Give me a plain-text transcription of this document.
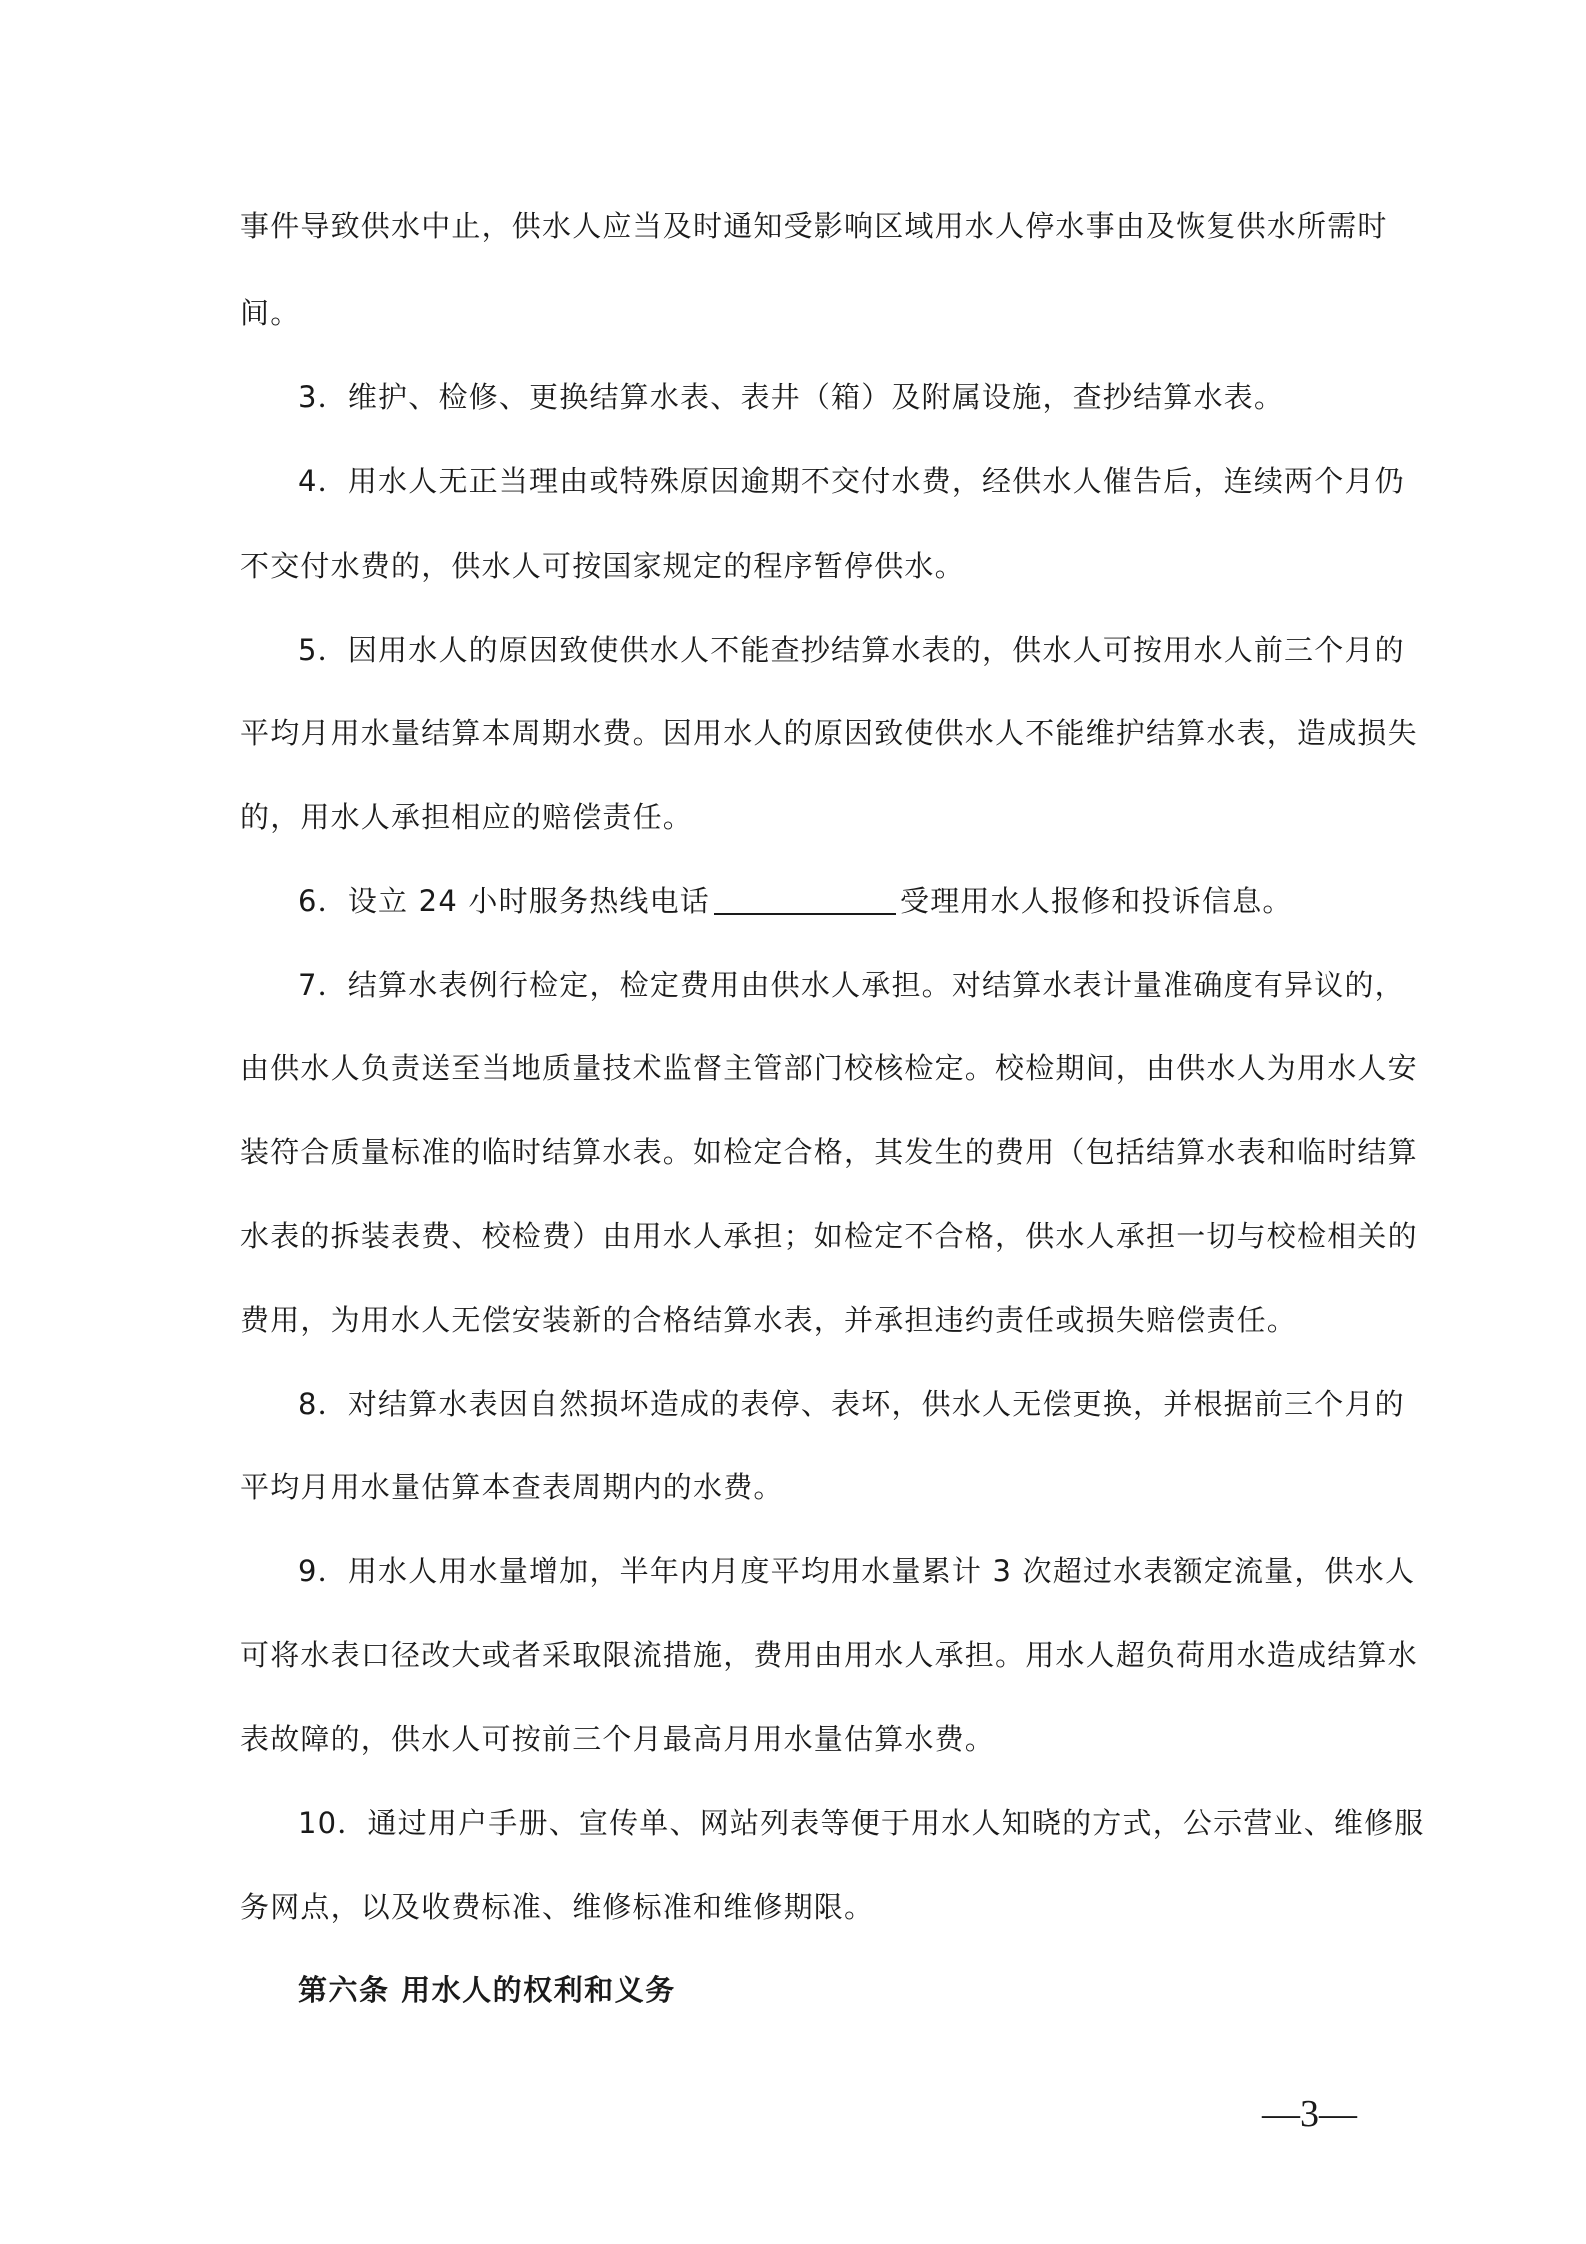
事件导致供水中止，供水人应当及时通知受影响区域用水人停水事由及恢复供水所需时
间。
3．维护、检修、更换结算水表、表井（箱）及附属设施，查抄结算水表。
4．用水人无正当理由或特殊原因逾期不交付水费，经供水人催告后，连续两个月仍
不交付水费的，供水人可按国家规定的程序暂停供水。
5．因用水人的原因致使供水人不能查抄结算水表的，供水人可按用水人前三个月的
平均月用水量结算本周期水费。因用水人的原因致使供水人不能维护结算水表，造成损失
的，用水人承担相应的赔偿责任。
6．设立 24 小时服务热线电话	受理用水人报修和投诉信息。
7．结算水表例行检定，检定费用由供水人承担。对结算水表计量准确度有异议的，
由供水人负责送至当地质量技术监督主管部门校核检定。校检期间，由供水人为用水人安
装符合质量标准的临时结算水表。如检定合格，其发生的费用（包括结算水表和临时结算
水表的拆装表费、校检费）由用水人承担；如检定不合格，供水人承担一切与校检相关的
费用，为用水人无偿安装新的合格结算水表，并承担违约责任或损失赔偿责任。
8．对结算水表因自然损坏造成的表停、表坏，供水人无偿更换，并根据前三个月的
平均月用水量估算本查表周期内的水费。
9．用水人用水量增加，半年内月度平均用水量累计 3 次超过水表额定流量，供水人
可将水表口径改大或者采取限流措施，费用由用水人承担。用水人超负荷用水造成结算水
表故障的，供水人可按前三个月最高月用水量估算水费。
10．通过用户手册、宣传单、网站列表等便于用水人知晓的方式，公示营业、维修服
务网点，以及收费标准、维修标准和维修期限。
第六条 用水人的权利和义务
—3—
